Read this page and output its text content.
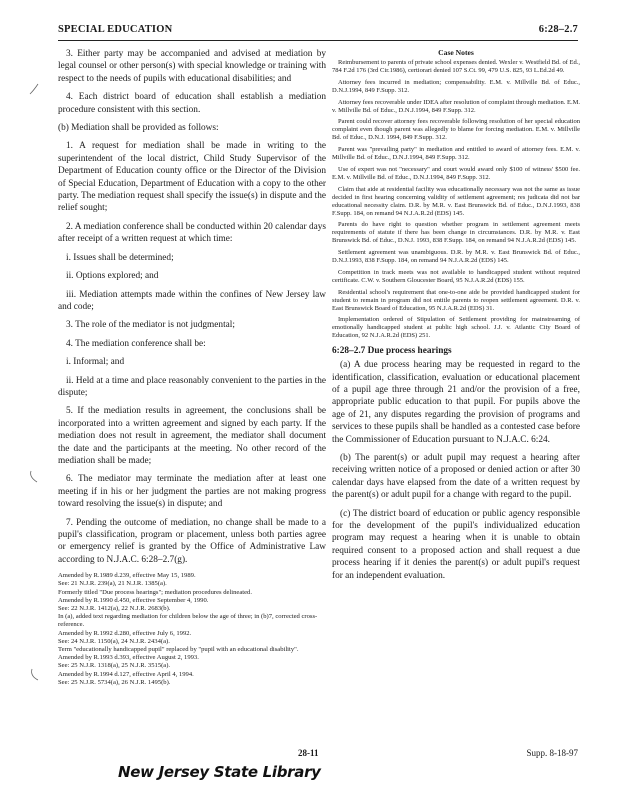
SPECIAL EDUCATION	6:28–2.7

3. Either party may be accompanied and advised at mediation by legal counsel or other person(s) with special knowledge or training with respect to the needs of pupils with educational disabilities; and

4. Each district board of education shall establish a mediation procedure consistent with this section.

(b) Mediation shall be provided as follows:

1. A request for mediation shall be made in writing to the superintendent of the local district, Child Study Supervisor of the Department of Education county office or the Director of the Division of Special Education, Department of Education with a copy to the other party. The mediation request shall specify the issue(s) in dispute and the relief sought;

2. A mediation conference shall be conducted within 20 calendar days after receipt of a written request at which time:

i. Issues shall be determined;

ii. Options explored; and

iii. Mediation attempts made within the confines of New Jersey law and code;

3. The role of the mediator is not judgmental;

4. The mediation conference shall be:

i. Informal; and

ii. Held at a time and place reasonably convenient to the parties in the dispute;

5. If the mediation results in agreement, the conclusions shall be incorporated into a written agreement and signed by each party. If the mediation does not result in agreement, the mediator shall document the date and the participants at the meeting. No other record of the mediation shall be made;

6. The mediator may terminate the mediation after at least one meeting if in his or her judgment the parties are not making progress toward resolving the issue(s) in dispute; and

7. Pending the outcome of mediation, no change shall be made to a pupil's classification, program or placement, unless both parties agree or emergency relief is granted by the Office of Administrative Law according to N.J.A.C. 6:28–2.7(g).

Amended by R.1989 d.239, effective May 15, 1989.

See: 21 N.J.R. 239(a), 21 N.J.R. 1385(a).

Formerly titled "Due process hearings"; mediation procedures delineated.

Amended by R.1990 d.450, effective September 4, 1990.

See: 22 N.J.R. 1412(a), 22 N.J.R. 2683(b).

In (a), added text regarding mediation for children below the age of three; in (b)7, corrected cross-reference.

Amended by R.1992 d.280, effective July 6, 1992.

See: 24 N.J.R. 1150(a), 24 N.J.R. 2434(a).

Term "educationally handicapped pupil" replaced by "pupil with an educational disability".

Amended by R.1993 d.393, effective August 2, 1993.

See: 25 N.J.R. 1318(a), 25 N.J.R. 3515(a).

Amended by R.1994 d.127, effective April 4, 1994.

See: 25 N.J.R. 5734(a), 26 N.J.R. 1495(b).

Case Notes

Reimbursement to parents of private school expenses denied. Wexler v. Westfield Bd. of Ed., 784 F.2d 176 (3rd Cir.1986), certiorari denied 107 S.Ct. 99, 479 U.S. 825, 93 L.Ed.2d 49.

Attorney fees incurred in mediation; compensability. E.M. v. Millville Bd. of Educ., D.N.J.1994, 849 F.Supp. 312.

Attorney fees recoverable under IDEA after resolution of complaint through mediation. E.M. v. Millville Bd. of Educ., D.N.J.1994, 849 F.Supp. 312.

Parent could recover attorney fees recoverable following resolution of her special education complaint even though parent was allegedly to blame for forcing mediation. E.M. v. Millville Bd. of Educ., D.N.J. 1994, 849 F.Supp. 312.

Parent was "prevailing party" in mediation and entitled to award of attorney fees. E.M. v. Millville Bd. of Educ., D.N.J.1994, 849 F.Supp. 312.

Use of expert was not "necessary" and court would award only $100 of witness' $500 fee. E.M. v. Millville Bd. of Educ., D.N.J.1994, 849 F.Supp. 312.

Claim that aide at residential facility was educationally necessary was not the same as issue decided in first hearing concerning validity of settlement agreement; res judicata did not bar educational necessity claim. D.R. by M.R. v. East Brunswick Bd. of Educ., D.N.J.1993, 838 F.Supp. 184, on remand 94 N.J.A.R.2d (EDS) 145.

Parents do have right to question whether program in settlement agreement meets requirements of statute if there has been change in circumstances. D.R. by M.R. v. East Brunswick Bd. of Educ., D.N.J. 1993, 838 F.Supp. 184, on remand 94 N.J.A.R.2d (EDS) 145.

Settlement agreement was unambiguous. D.R. by M.R. v. East Brunswick Bd. of Educ., D.N.J.1993, 838 F.Supp. 184, on remand 94 N.J.A.R.2d (EDS) 145.

Competition in track meets was not available to handicapped student without required certificate. C.W. v. Southern Gloucester Board, 95 N.J.A.R.2d (EDS) 155.

Residential school's requirement that one-to-one aide be provided handicapped student for student to remain in program did not entitle parents to reopen settlement agreement. D.R. v. East Brunswick Board of Education, 95 N.J.A.R.2d (EDS) 31.

Implementation ordered of Stipulation of Settlement providing for mainstreaming of emotionally handicapped student at public high school. J.J. v. Atlantic City Board of Education, 92 N.J.A.R.2d (EDS) 251.

6:28–2.7 Due process hearings

(a) A due process hearing may be requested in regard to the identification, classification, evaluation or educational placement of a pupil age three through 21 and/or the provision of a free, appropriate public education to that pupil. For pupils above the age of 21, any disputes regarding the provision of programs and services to these pupils shall be handled as a contested case before the Commissioner of Education pursuant to N.J.A.C. 6:24.

(b) The parent(s) or adult pupil may request a hearing after receiving written notice of a proposed or denied action or after 30 calendar days have elapsed from the date of a written request by the parent(s) or adult pupil for a change with regard to the pupil.

(c) The district board of education or public agency responsible for the development of the pupil's individualized education program may request a hearing when it is unable to obtain required consent to a proposed action and shall request a due process hearing if it denies the parent(s) or adult pupil's request for an independent evaluation.

28-11	Supp. 8-18-97
New Jersey State Library
